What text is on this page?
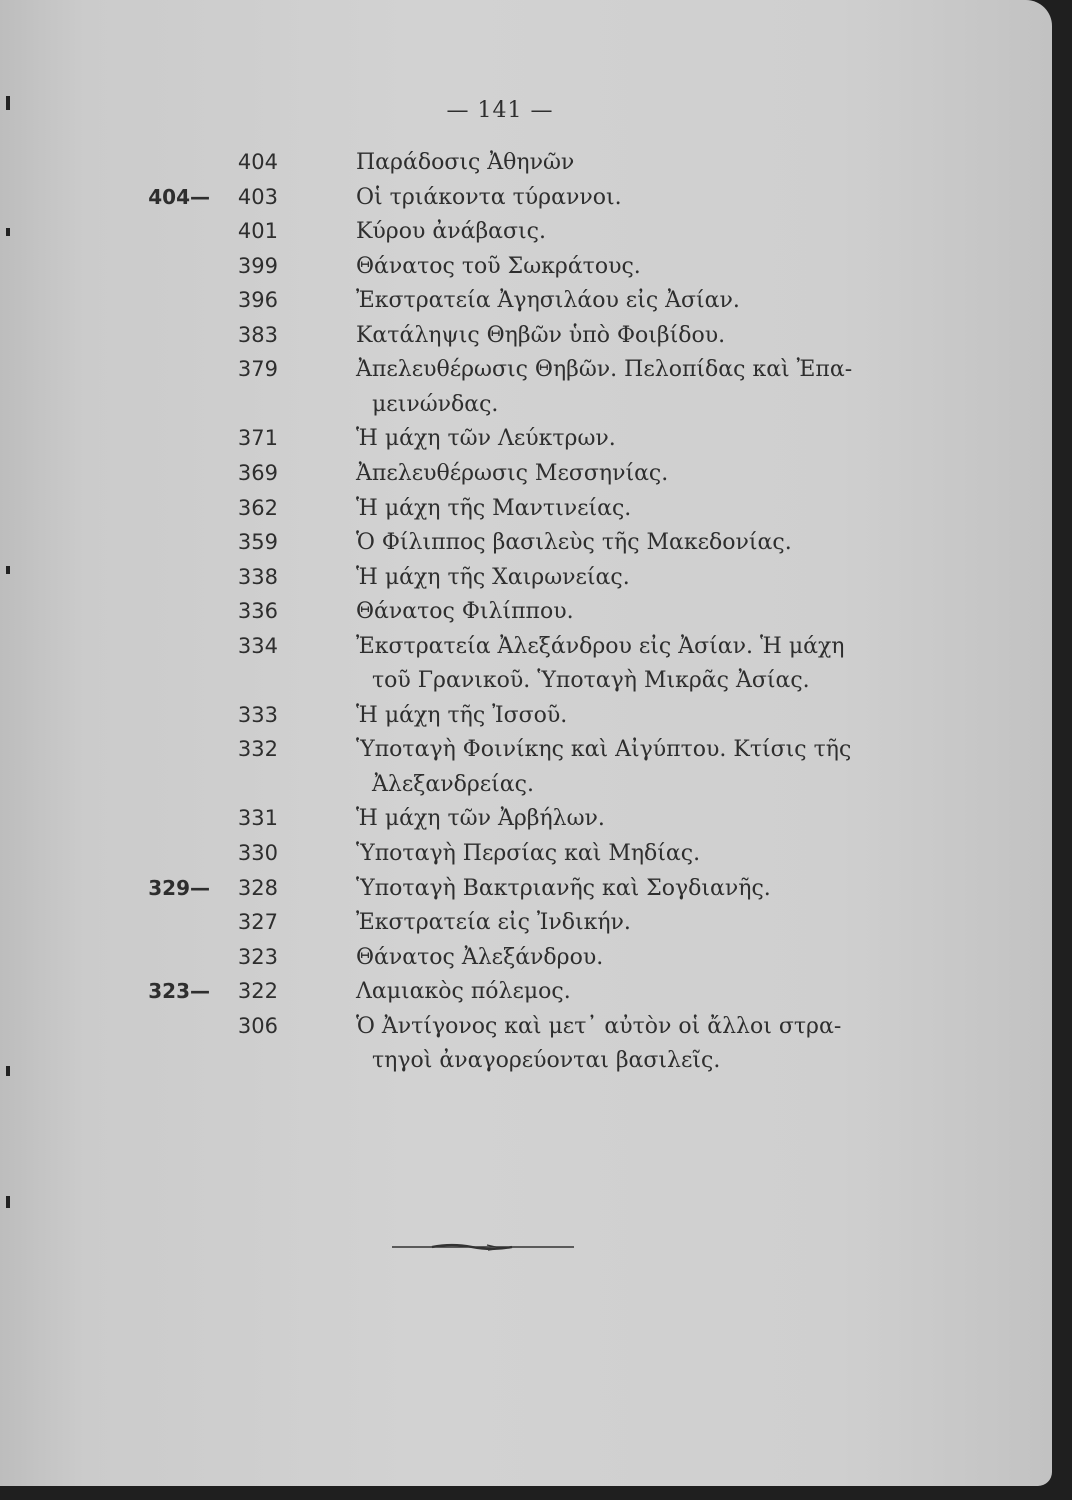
— 141 —
404	Παράδοσις Ἀθηνῶν
404—	403	Οἱ τριάκοντα τύραννοι.
401	Κύρου ἀνάβασις.
399	Θάνατος τοῦ Σωκράτους.
396	Ἐκστρατεία Ἀγησιλάου εἰς Ἀσίαν.
383	Κατάληψις Θηβῶν ὑπὸ Φοιβίδου.
379	Ἀπελευθέρωσις Θηβῶν. Πελοπίδας καὶ Ἐπα-
μεινώνδας.
371	Ἡ μάχη τῶν Λεύκτρων.
369	Ἀπελευθέρωσις Μεσσηνίας.
362	Ἡ μάχη τῆς Μαντινείας.
359	Ὁ Φίλιππος βασιλεὺς τῆς Μακεδονίας.
338	Ἡ μάχη τῆς Χαιρωνείας.
336	Θάνατος Φιλίππου.
334	Ἐκστρατεία Ἀλεξάνδρου εἰς Ἀσίαν. Ἡ μάχη
τοῦ Γρανικοῦ. Ὑποταγὴ Μικρᾶς Ἀσίας.
333	Ἡ μάχη τῆς Ἰσσοῦ.
332	Ὑποταγὴ Φοινίκης καὶ Αἰγύπτου. Κτίσις τῆς
Ἀλεξανδρείας.
331	Ἡ μάχη τῶν Ἀρβήλων.
330	Ὑποταγὴ Περσίας καὶ Μηδίας.
329—	328	Ὑποταγὴ Βακτριανῆς καὶ Σογδιανῆς.
327	Ἐκστρατεία εἰς Ἰνδικήν.
323	Θάνατος Ἀλεξάνδρου.
323—	322	Λαμιακὸς πόλεμος.
306	Ὁ Ἀντίγονος καὶ μετ᾽ αὐτὸν οἱ ἄλλοι στρα-
τηγοὶ ἀναγορεύονται βασιλεῖς.
